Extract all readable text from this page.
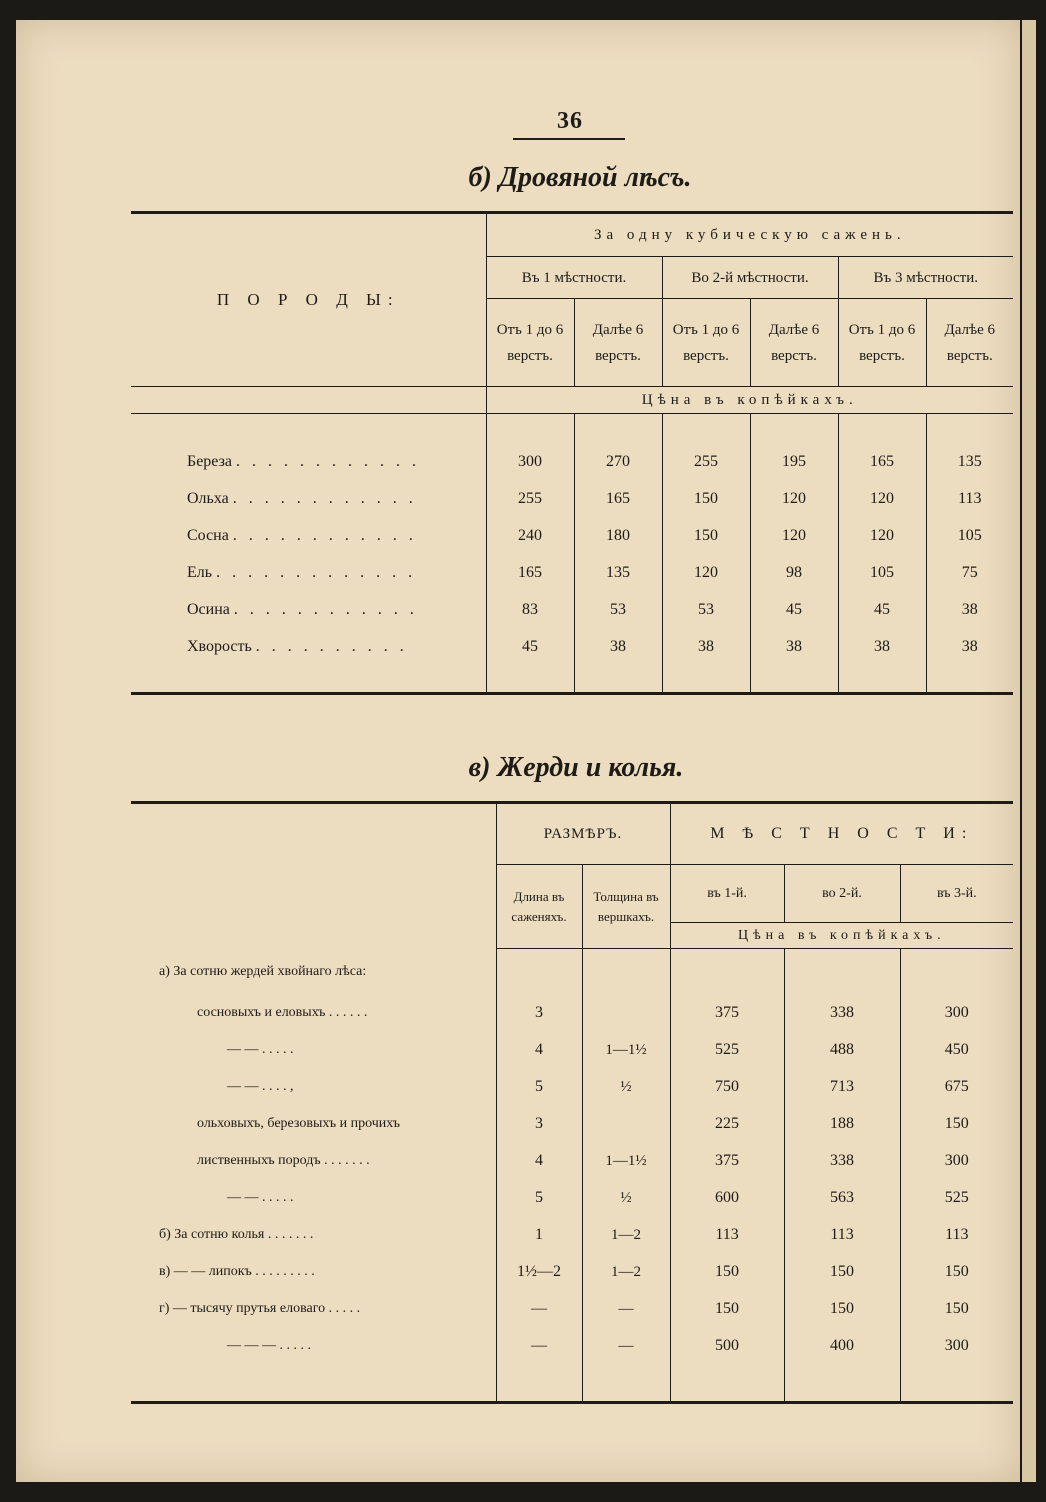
36
б) Дровяной лѣсъ.
П О Р О Д Ы:	За одну кубическую сажень.					
	Въ 1 мѣстности.		Во 2-й мѣстности.		Въ 3 мѣстности.	
	Отъ 1 до 6 верстъ.	Далѣе 6 верстъ.	Отъ 1 до 6 верстъ.	Далѣе 6 верстъ.	Отъ 1 до 6 верстъ.	Далѣе 6 верстъ.
	Цѣна въ копѣйкахъ.					

Береза . . . . . . . . . . . .	300	270	255	195	165	135
Ольха . . . . . . . . . . . .	255	165	150	120	120	113
Сосна . . . . . . . . . . . .	240	180	150	120	120	105
Ель . . . . . . . . . . . . .	165	135	120	98	105	75
Осина . . . . . . . . . . . .	83	53	53	45	45	38
Хворость . . . . . . . . . .	45	38	38	38	38	38

в) Жерди и колья.
	РАЗМѢРЪ.		М Ѣ С Т Н О С Т И:		
	Длина въ саженяхъ.	Толщина въ вершкахъ.	въ 1-й.	во 2-й.	въ 3-й.
			Цѣна въ копѣйкахъ.		
а) За сотню жердей хвойнаго лѣса:					
сосновыхъ и еловыхъ . . . . . .	3		375	338	300
— — . . . . .	4	1—1½	525	488	450
— — . . . . ,	5	½	750	713	675
ольховыхъ, березовыхъ и прочихъ	3		225	188	150
лиственныхъ породъ . . . . . . .	4	1—1½	375	338	300
— — . . . . .	5	½	600	563	525
б) За сотню колья . . . . . . .	1	1—2	113	113	113
в) — — липокъ . . . . . . . . .	1½—2	1—2	150	150	150
г) — тысячу прутья еловаго . . . . .	—	—	150	150	150
— — — . . . . .	—	—	500	400	300
